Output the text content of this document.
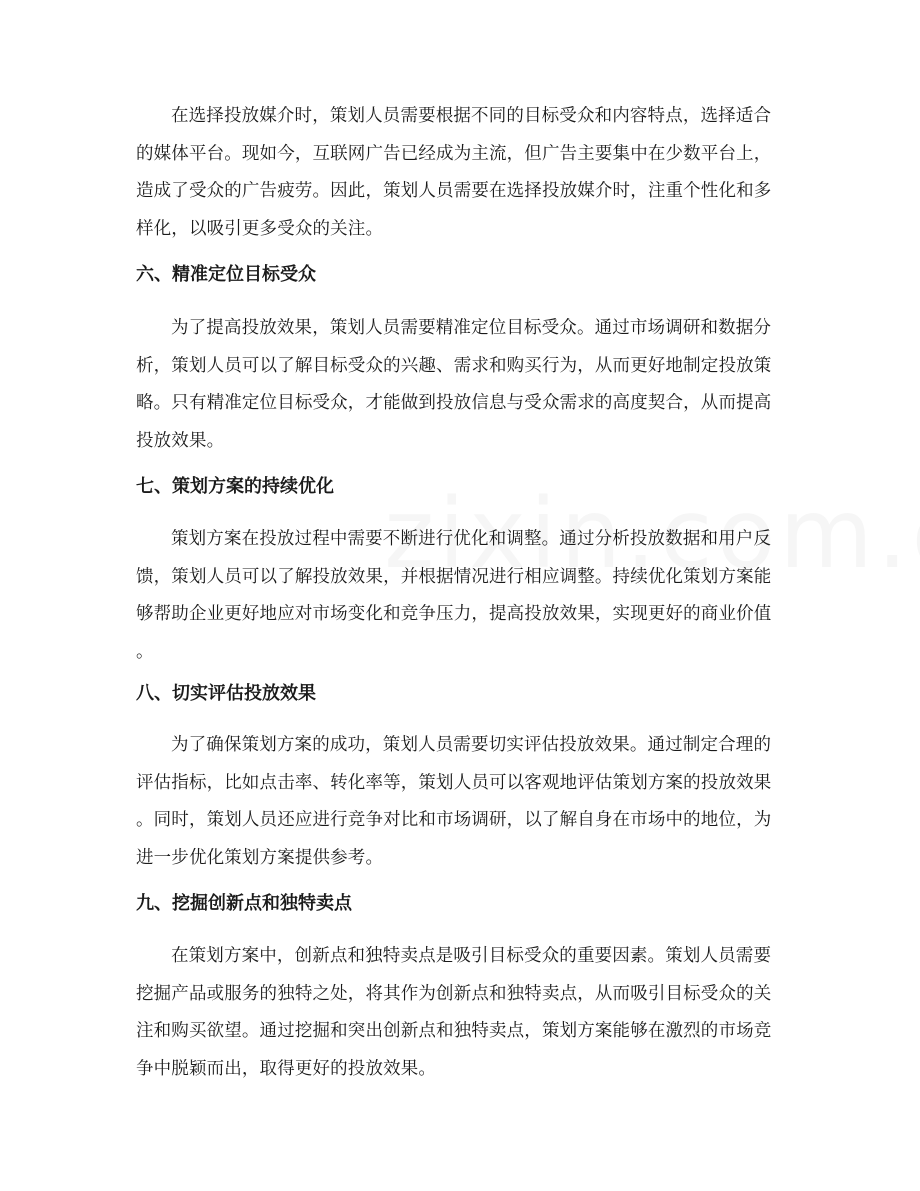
在选择投放媒介时，策划人员需要根据不同的目标受众和内容特点，选择适合
的媒体平台。现如今，互联网广告已经成为主流，但广告主要集中在少数平台上，
造成了受众的广告疲劳。因此，策划人员需要在选择投放媒介时，注重个性化和多
样化，以吸引更多受众的关注。
六、精准定位目标受众
为了提高投放效果，策划人员需要精准定位目标受众。通过市场调研和数据分
析，策划人员可以了解目标受众的兴趣、需求和购买行为，从而更好地制定投放策
略。只有精准定位目标受众，才能做到投放信息与受众需求的高度契合，从而提高
投放效果。
七、策划方案的持续优化
策划方案在投放过程中需要不断进行优化和调整。通过分析投放数据和用户反
馈，策划人员可以了解投放效果，并根据情况进行相应调整。持续优化策划方案能
够帮助企业更好地应对市场变化和竞争压力，提高投放效果，实现更好的商业价值
。
八、切实评估投放效果
为了确保策划方案的成功，策划人员需要切实评估投放效果。通过制定合理的
评估指标，比如点击率、转化率等，策划人员可以客观地评估策划方案的投放效果
。同时，策划人员还应进行竞争对比和市场调研，以了解自身在市场中的地位，为
进一步优化策划方案提供参考。
九、挖掘创新点和独特卖点
在策划方案中，创新点和独特卖点是吸引目标受众的重要因素。策划人员需要
挖掘产品或服务的独特之处，将其作为创新点和独特卖点，从而吸引目标受众的关
注和购买欲望。通过挖掘和突出创新点和独特卖点，策划方案能够在激烈的市场竞
争中脱颖而出，取得更好的投放效果。
